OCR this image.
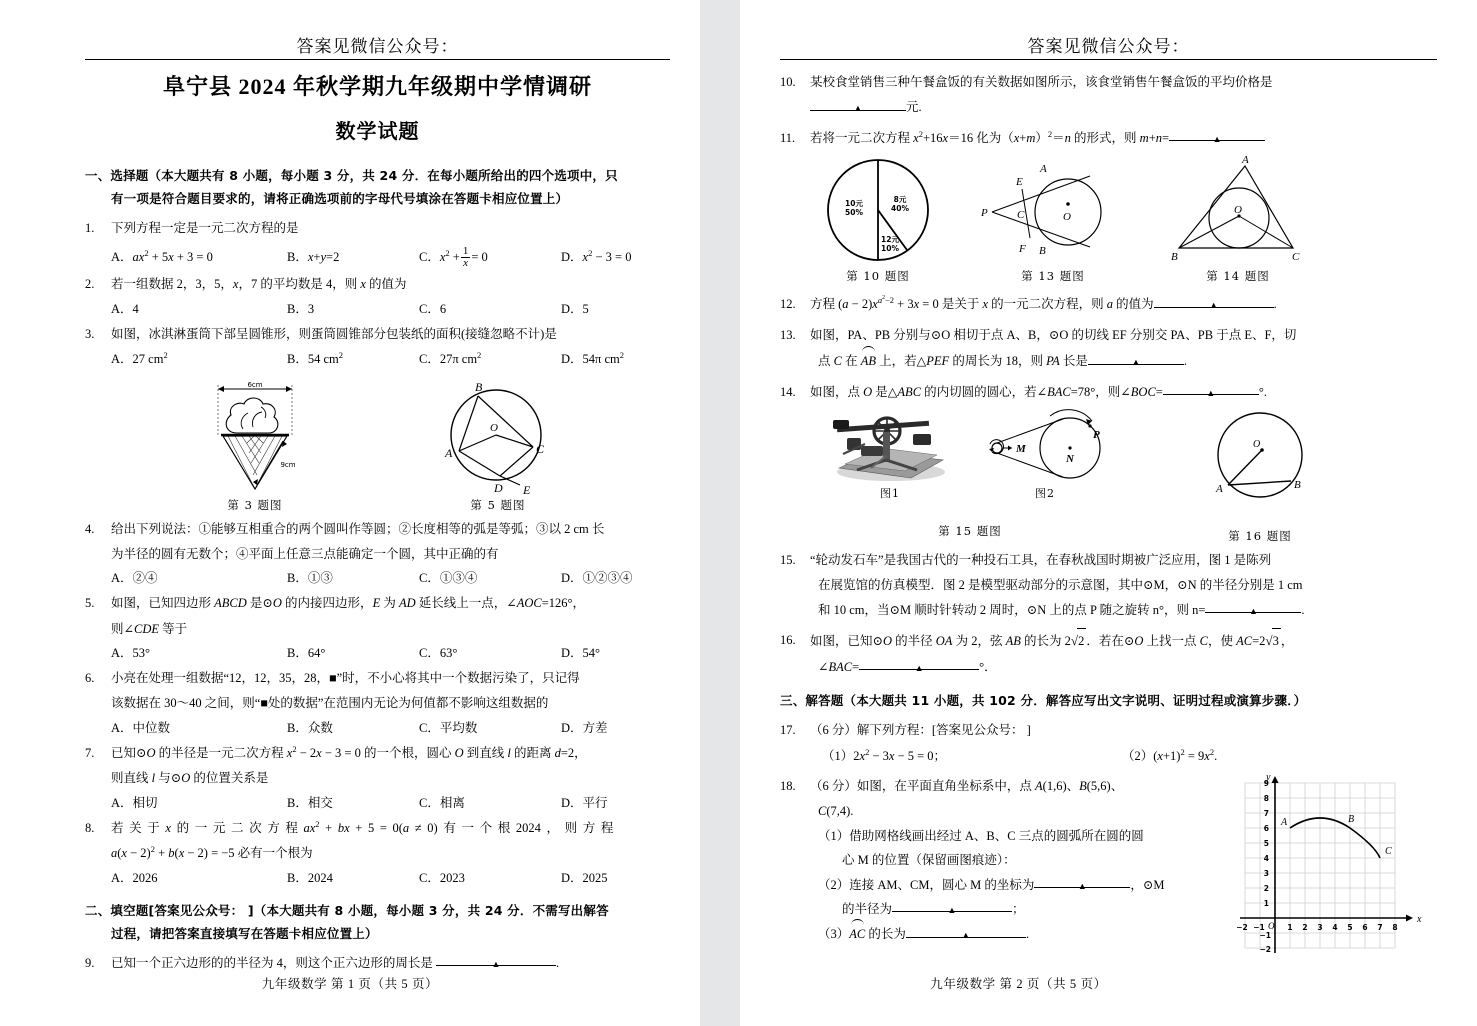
答案见微信公众号：
阜宁县 2024 年秋学期九年级期中学情调研
数学试题
一、选择题（本大题共有 8 小题，每小题 3 分，共 24 分．在每小题所给出的四个选项中，只
有一项是符合题目要求的，请将正确选项前的字母代号填涂在答题卡相应位置上）
1.	下列方程一定是一元二次方程的是
A．$ax^2 + 5x + 3 = 0$	B．x+y=2	C．$x^2 + \frac{1}{x} = 0$	D．$x^2 - 3 = 0$
2.	若一组数据 2，3，5，x，7 的平均数是 4，则 x 的值为
A．4	B．3	C．6	D．5
3.	如图，冰淇淋蛋筒下部呈圆锥形，则蛋筒圆锥部分包装纸的面积(接缝忽略不计)是
A．27 $cm^2$	B．54 $cm^2$	C．27π $cm^2$	D．54π $cm^2$
6cm
9cm
第 3 题图
B
O
A	C
D E
第 5 题图
4.	给出下列说法：①能够互相重合的两个圆叫作等圆；②长度相等的弧是等弧；③以 2 cm 长
为半径的圆有无数个；④平面上任意三点能确定一个圆，其中正确的有
A．②④	B．①③	C．①③④	D．①②③④
5.	如图，已知四边形 ABCD 是⊙O 的内接四边形，E 为 AD 延长线上一点，∠AOC=126°，
则∠CDE 等于
A．53°	B．64°	C．63°	D．54°
6.	小亮在处理一组数据“12，12，35，28，■”时，不小心将其中一个数据污染了，只记得
该数据在 30～40 之间，则“■处的数据”在范围内无论为何值都不影响这组数据的
A．中位数	B．众数	C．平均数	D．方差
7.	已知⊙O 的半径是一元二次方程 $x^2 - 2x - 3 = 0$ 的一个根，圆心 O 到直线 l 的距离 d=2，
则直线 l 与⊙O 的位置关系是
A．相切	B．相交	C．相离	D．平行
8.	若 关 于 x 的 一 元 二 次 方 程 $ax^2$ + bx + 5 = 0(a ≠ 0) 有 一 个 根 2024 ， 则 方 程
$a(x - 2)^2 + b(x - 2) = -5$ 必有一个根为
A．2026	B．2024	C．2023	D．2025
二、填空题[答案见公众号： ]（本大题共有 8 小题，每小题 3 分，共 24 分．不需写出解答
过程，请把答案直接填写在答题卡相应位置上）
9.	已知一个正六边形的的半径为 4，则这个正六边形的周长是 ▲	.
九年级数学 第 1 页（共 5 页）
答案见微信公众号：
10.	某校食堂销售三种午餐盒饭的有关数据如图所示，该食堂销售午餐盒饭的平均价格是
▲元.
11.	若将一元二次方程 $x^2+16x=16$ 化为$(x+m)^2=n$ 的形式，则 m+n=▲
10元
50%
8元
40%
12元
10%
第 10 题图
O
P
E
A
C
F B
第 13 题图
A
O
B	C
第 14 题图
12.	方程 $(a - 2)x^{a^2-2} + 3x = 0$ 是关于 x 的一元二次方程，则 a 的值为 ▲	.
13.	如图，PA、PB 分别与⊙O 相切于点 A、B，⊙O 的切线 EF 分别交 PA、PB 于点 E、F，切
点 C 在 AB 上，若△PEF 的周长为 18，则 PA 长是 ▲	.
14.	如图，点 O 是△ABC 的内切圆的圆心，若∠BAC=78°，则∠BOC= ▲	°.
图1
M
N
P
图2
第 15 题图
O
A	B
第 16 题图
15.	“轮动发石车”是我国古代的一种投石工具，在春秋战国时期被广泛应用，图 1 是陈列
在展览馆的仿真模型．图 2 是模型驱动部分的示意图，其中⊙M，⊙N 的半径分别是 1 cm
和 10 cm，当⊙M 顺时针转动 2 周时，⊙N 上的点 P 随之旋转 n°，则 n= ▲	.
16.	如图，已知⊙O 的半径 OA 为 2，弦 AB 的长为 2√2 ．若在⊙O 上找一点 C，使 AC=2√3 ，
∠BAC= ▲	°．
三、解答题（本大题共 11 小题，共 102 分．解答应写出文字说明、证明过程或演算步骤．）
17.	（6 分）解下列方程：[答案见公众号： ]
$(1)2x^2 - 3x - 5 = 0$；	$(2)(x+1)^2 = 9x^2$.
18.	（6 分）如图，在平面直角坐标系中，点 A(1,6)、B(5,6)、
C(7,4).
（1）借助网格线画出经过 A、B、C 三点的圆弧所在圆的圆
心 M 的位置（保留画图痕迹）：
（2）连接 AM、CM，圆心 M 的坐标为 ▲	，⊙M
的半径为 ▲	；
（3）AC 的长为 ▲	.	−2 −1	1 2 3 4 5 6 7 8
9
8
7
6
5
4
3
2
1
−1
−2
O
x
y
A	B
C
九年级数学 第 2 页（共 5 页）
